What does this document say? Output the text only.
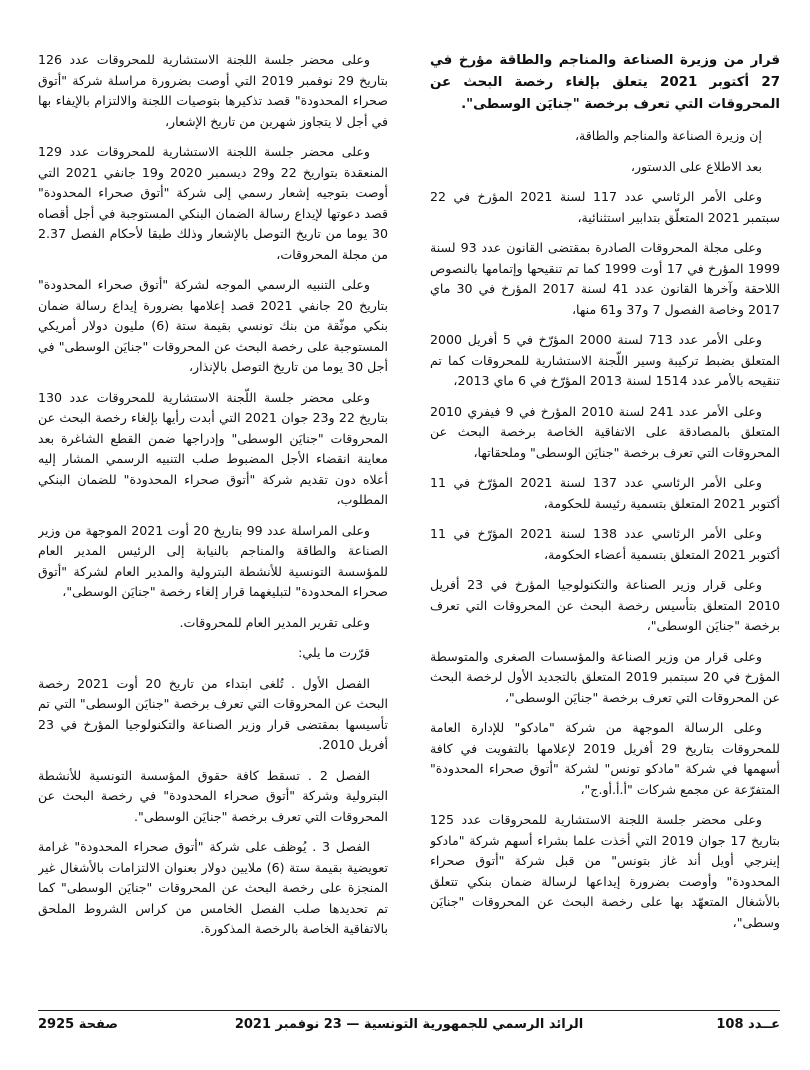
قرار من وزيرة الصناعة والمناجم والطاقة مؤرخ في 27 أكتوبر 2021 يتعلق بإلغاء رخصة البحث عن المحروقات التي تعرف برخصة "جنايَن الوسطى".

إن وزيرة الصناعة والمناجم والطاقة،

بعد الاطلاع على الدستور،

وعلى الأمر الرئاسي عدد 117 لسنة 2021 المؤرخ في 22 سبتمبر 2021 المتعلّق بتدابير استثنائية،

وعلى مجلة المحروقات الصادرة بمقتضى القانون عدد 93 لسنة 1999 المؤرخ في 17 أوت 1999 كما تم تنقيحها وإتمامها بالنصوص اللاحقة وآخرها القانون عدد 41 لسنة 2017 المؤرخ في 30 ماي 2017 وخاصة الفصول 7 و37 و61 منها،

وعلى الأمر عدد 713 لسنة 2000 المؤرّخ في 5 أفريل 2000 المتعلق بضبط تركيبة وسير اللّجنة الاستشارية للمحروقات كما تم تنقيحه بالأمر عدد 1514 لسنة 2013 المؤرّخ في 6 ماي 2013،

وعلى الأمر عدد 241 لسنة 2010 المؤرخ في 9 فيفري 2010 المتعلق بالمصادقة على الاتفاقية الخاصة برخصة البحث عن المحروقات التي تعرف برخصة "جنايَن الوسطى" وملحقاتها،

وعلى الأمر الرئاسي عدد 137 لسنة 2021 المؤرّخ في 11 أكتوبر 2021 المتعلق بتسمية رئيسة للحكومة،

وعلى الأمر الرئاسي عدد 138 لسنة 2021 المؤرّخ في 11 أكتوبر 2021 المتعلق بتسمية أعضاء الحكومة،

وعلى قرار وزير الصناعة والتكنولوجيا المؤرخ في 23 أفريل 2010 المتعلق بتأسيس رخصة البحث عن المحروقات التي تعرف برخصة "جنايَن الوسطى"،

وعلى قرار من وزير الصناعة والمؤسسات الصغرى والمتوسطة المؤرخ في 20 سبتمبر 2019 المتعلق بالتجديد الأول لرخصة البحث عن المحروقات التي تعرف برخصة "جنايَن الوسطى"،

وعلى الرسالة الموجهة من شركة "مادكو" للإدارة العامة للمحروقات بتاريخ 29 أفريل 2019 لإعلامها بالتفويت في كافة أسهمها في شركة "مادكو تونس" لشركة "أتوق صحراء المحدودة" المتفرّعة عن مجمع شركات "أ.أ.أو.ج"،

وعلى محضر جلسة اللجنة الاستشارية للمحروقات عدد 125 بتاريخ 17 جوان 2019 التي أخذت علما بشراء أسهم شركة "مادكو إينرجي أويل أند غاز بتونس" من قبل شركة "أتوق صحراء المحدودة" وأوصت بضرورة إيداعها لرسالة ضمان بنكي تتعلق بالأشغال المتعهّد بها على رخصة البحث عن المحروقات "جنايَن وسطى"،

وعلى محضر جلسة اللجنة الاستشارية للمحروقات عدد 126 بتاريخ 29 نوفمبر 2019 التي أوصت بضرورة مراسلة شركة "أتوق صحراء المحدودة" قصد تذكيرها بتوصيات اللجنة والالتزام بالإيفاء بها في أجل لا يتجاوز شهرين من تاريخ الإشعار،

وعلى محضر جلسة اللجنة الاستشارية للمحروقات عدد 129 المنعقدة بتواريخ 22 و29 ديسمبر 2020 و19 جانفي 2021 التي أوصت بتوجيه إشعار رسمي إلى شركة "أتوق صحراء المحدودة" قصد دعوتها لإيداع رسالة الضمان البنكي المستوجبة في أجل أقصاه 30 يوما من تاريخ التوصل بالإشعار وذلك طبقا لأحكام الفصل 2.37 من مجلة المحروقات،

وعلى التنبيه الرسمي الموجه لشركة "أتوق صحراء المحدودة" بتاريخ 20 جانفي 2021 قصد إعلامها بضرورة إيداع رسالة ضمان بنكي موثّقة من بنك تونسي بقيمة ستة (6) مليون دولار أمريكي المستوجبة على رخصة البحث عن المحروقات "جنايَن الوسطى" في أجل 30 يوما من تاريخ التوصل بالإنذار،

وعلى محضر جلسة اللّجنة الاستشارية للمحروقات عدد 130 بتاريخ 22 و23 جوان 2021 التي أبدت رأيها بإلغاء رخصة البحث عن المحروقات "جنايَن الوسطى" وإدراجها ضمن القطع الشاغرة بعد معاينة انقضاء الأجل المضبوط صلب التنبيه الرسمي المشار إليه أعلاه دون تقديم شركة "أتوق صحراء المحدودة" للضمان البنكي المطلوب،

وعلى المراسلة عدد 99 بتاريخ 20 أوت 2021 الموجهة من وزير الصناعة والطاقة والمناجم بالنيابة إلى الرئيس المدير العام للمؤسسة التونسية للأنشطة البترولية والمدير العام لشركة "أتوق صحراء المحدودة" لتبليغهما قرار إلغاء رخصة "جنايَن الوسطى"،

وعلى تقرير المدير العام للمحروقات.

قرّرت ما يلي:

الفصل الأول . تُلغى ابتداء من تاريخ 20 أوت 2021 رخصة البحث عن المحروقات التي تعرف برخصة "جنايَن الوسطى" التي تم تأسيسها بمقتضى قرار وزير الصناعة والتكنولوجيا المؤرخ في 23 أفريل 2010.

الفصل 2 . تسقط كافة حقوق المؤسسة التونسية للأنشطة البترولية وشركة "أتوق صحراء المحدودة" في رخصة البحث عن المحروقات التي تعرف برخصة "جنايَن الوسطى".

الفصل 3 . يُوظف على شركة "أتوق صحراء المحدودة" غرامة تعويضية بقيمة ستة (6) ملايين دولار بعنوان الالتزامات بالأشغال غير المنجزة على رخصة البحث عن المحروقات "جنايَن الوسطى" كما تم تحديدها صلب الفصل الخامس من كراس الشروط الملحق بالاتفاقية الخاصة بالرخصة المذكورة.

عــدد 108
الرائد الرسمي للجمهورية التونسية — 23 نوفمبر 2021
صفحة 2925
